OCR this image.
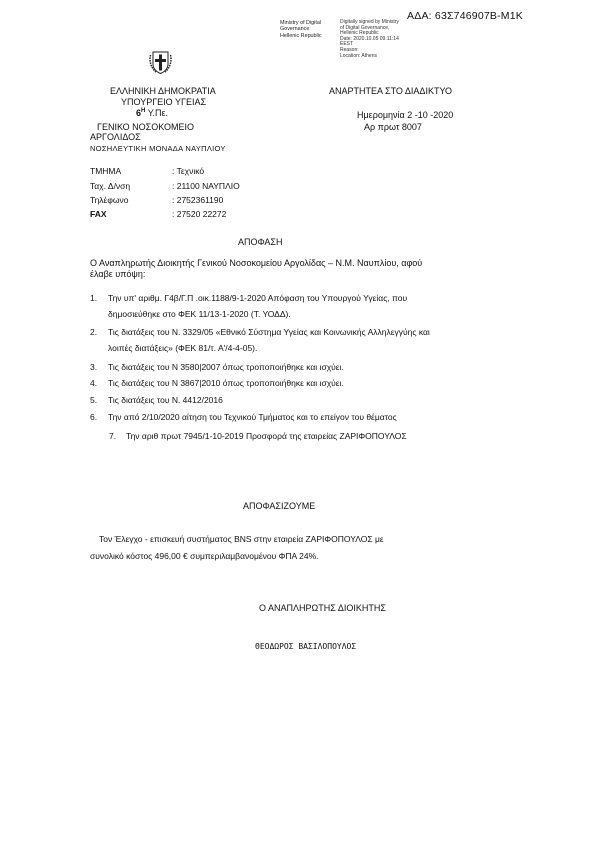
ΑΔΑ: 63Σ746907Β-Μ1Κ
Ministry of Digital
Governance
Hellenic Republic
Digitally signed by Ministry
of Digital Governance,
Hellenic Republic
Date: 2020.10.05 09:11:14
EEST
Reason:
Location: Athens
ΕΛΛΗΝΙΚΗ ΔΗΜΟΚΡΑΤΙΑ
ΥΠΟΥΡΓΕΙΟ ΥΓΕΙΑΣ
$6^H$ Υ.Πε.
ΓΕΝΙΚΟ ΝΟΣΟΚΟΜΕΙΟ
ΑΡΓΟΛΙΔΟΣ
ΝΟΣΗΛΕΥΤΙΚΗ ΜΟΝΑΔΑ ΝΑΥΠΛΙΟΥ
ΑΝΑΡΤΗΤΕΑ ΣΤΟ ΔΙΑΔΙΚΤΥΟ
Ημερομηνία 2 -10 -2020
Αρ πρωτ 8007
ΤΜΗΜΑ	: Τεχνικό
Ταχ. Δ/νση	: 21100 ΝΑΥΠΛΙΟ
Τηλέφωνο	: 2752361190
FAX	: 27520 22272
ΑΠΟΦΑΣΗ
Ο Αναπληρωτής Διοικητής Γενικού Νοσοκομείου Αργολίδας – Ν.Μ. Ναυπλίου, αφού
έλαβε υπόψη:
1. Την υπ' αριθμ. Γ4β/Γ.Π .οικ.1188/9-1-2020 Απόφαση του Υπουργού Υγείας, που
δημοσιεύθηκε στο ΦΕΚ 11/13-1-2020 (Τ. ΥΟΔΔ).
2. Τις διατάξεις του Ν. 3329/05 «Εθνικό Σύστημα Υγείας και Κοινωνικής Αλληλεγγύης και
λοιπές διατάξεις» (ΦΕΚ 81/τ. Α'/4-4-05).
3. Τις διατάξεις του Ν 3580|2007 όπως τροποποιήθηκε και ισχύει.
4. Τις διατάξεις του Ν 3867|2010 όπως τροποποιήθηκε και ισχύει.
5. Τις διατάξεις του Ν. 4412/2016
6. Την από 2/10/2020 αίτηση του Τεχνικού Τμήματος και το επείγον του θέματος
7. Την αριθ πρωτ 7945/1-10-2019 Προσφορά της εταιρείας ΖΑΡΙΦΟΠΟΥΛΟΣ
ΑΠΟΦΑΣΙΖΟΥΜΕ
Τον Έλεγχο - επισκευή συστήματος BNS στην εταιρεία ΖΑΡΙΦΟΠΟΥΛΟΣ με
συνολικό κόστος 496,00 € συμπεριλαμβανομένου ΦΠΑ 24%.
Ο ΑΝΑΠΛΗΡΩΤΗΣ ΔΙΟΙΚΗΤΗΣ
ΘΕΟΔΩΡΟΣ ΒΑΣΙΛΟΠΟΥΛΟΣ
